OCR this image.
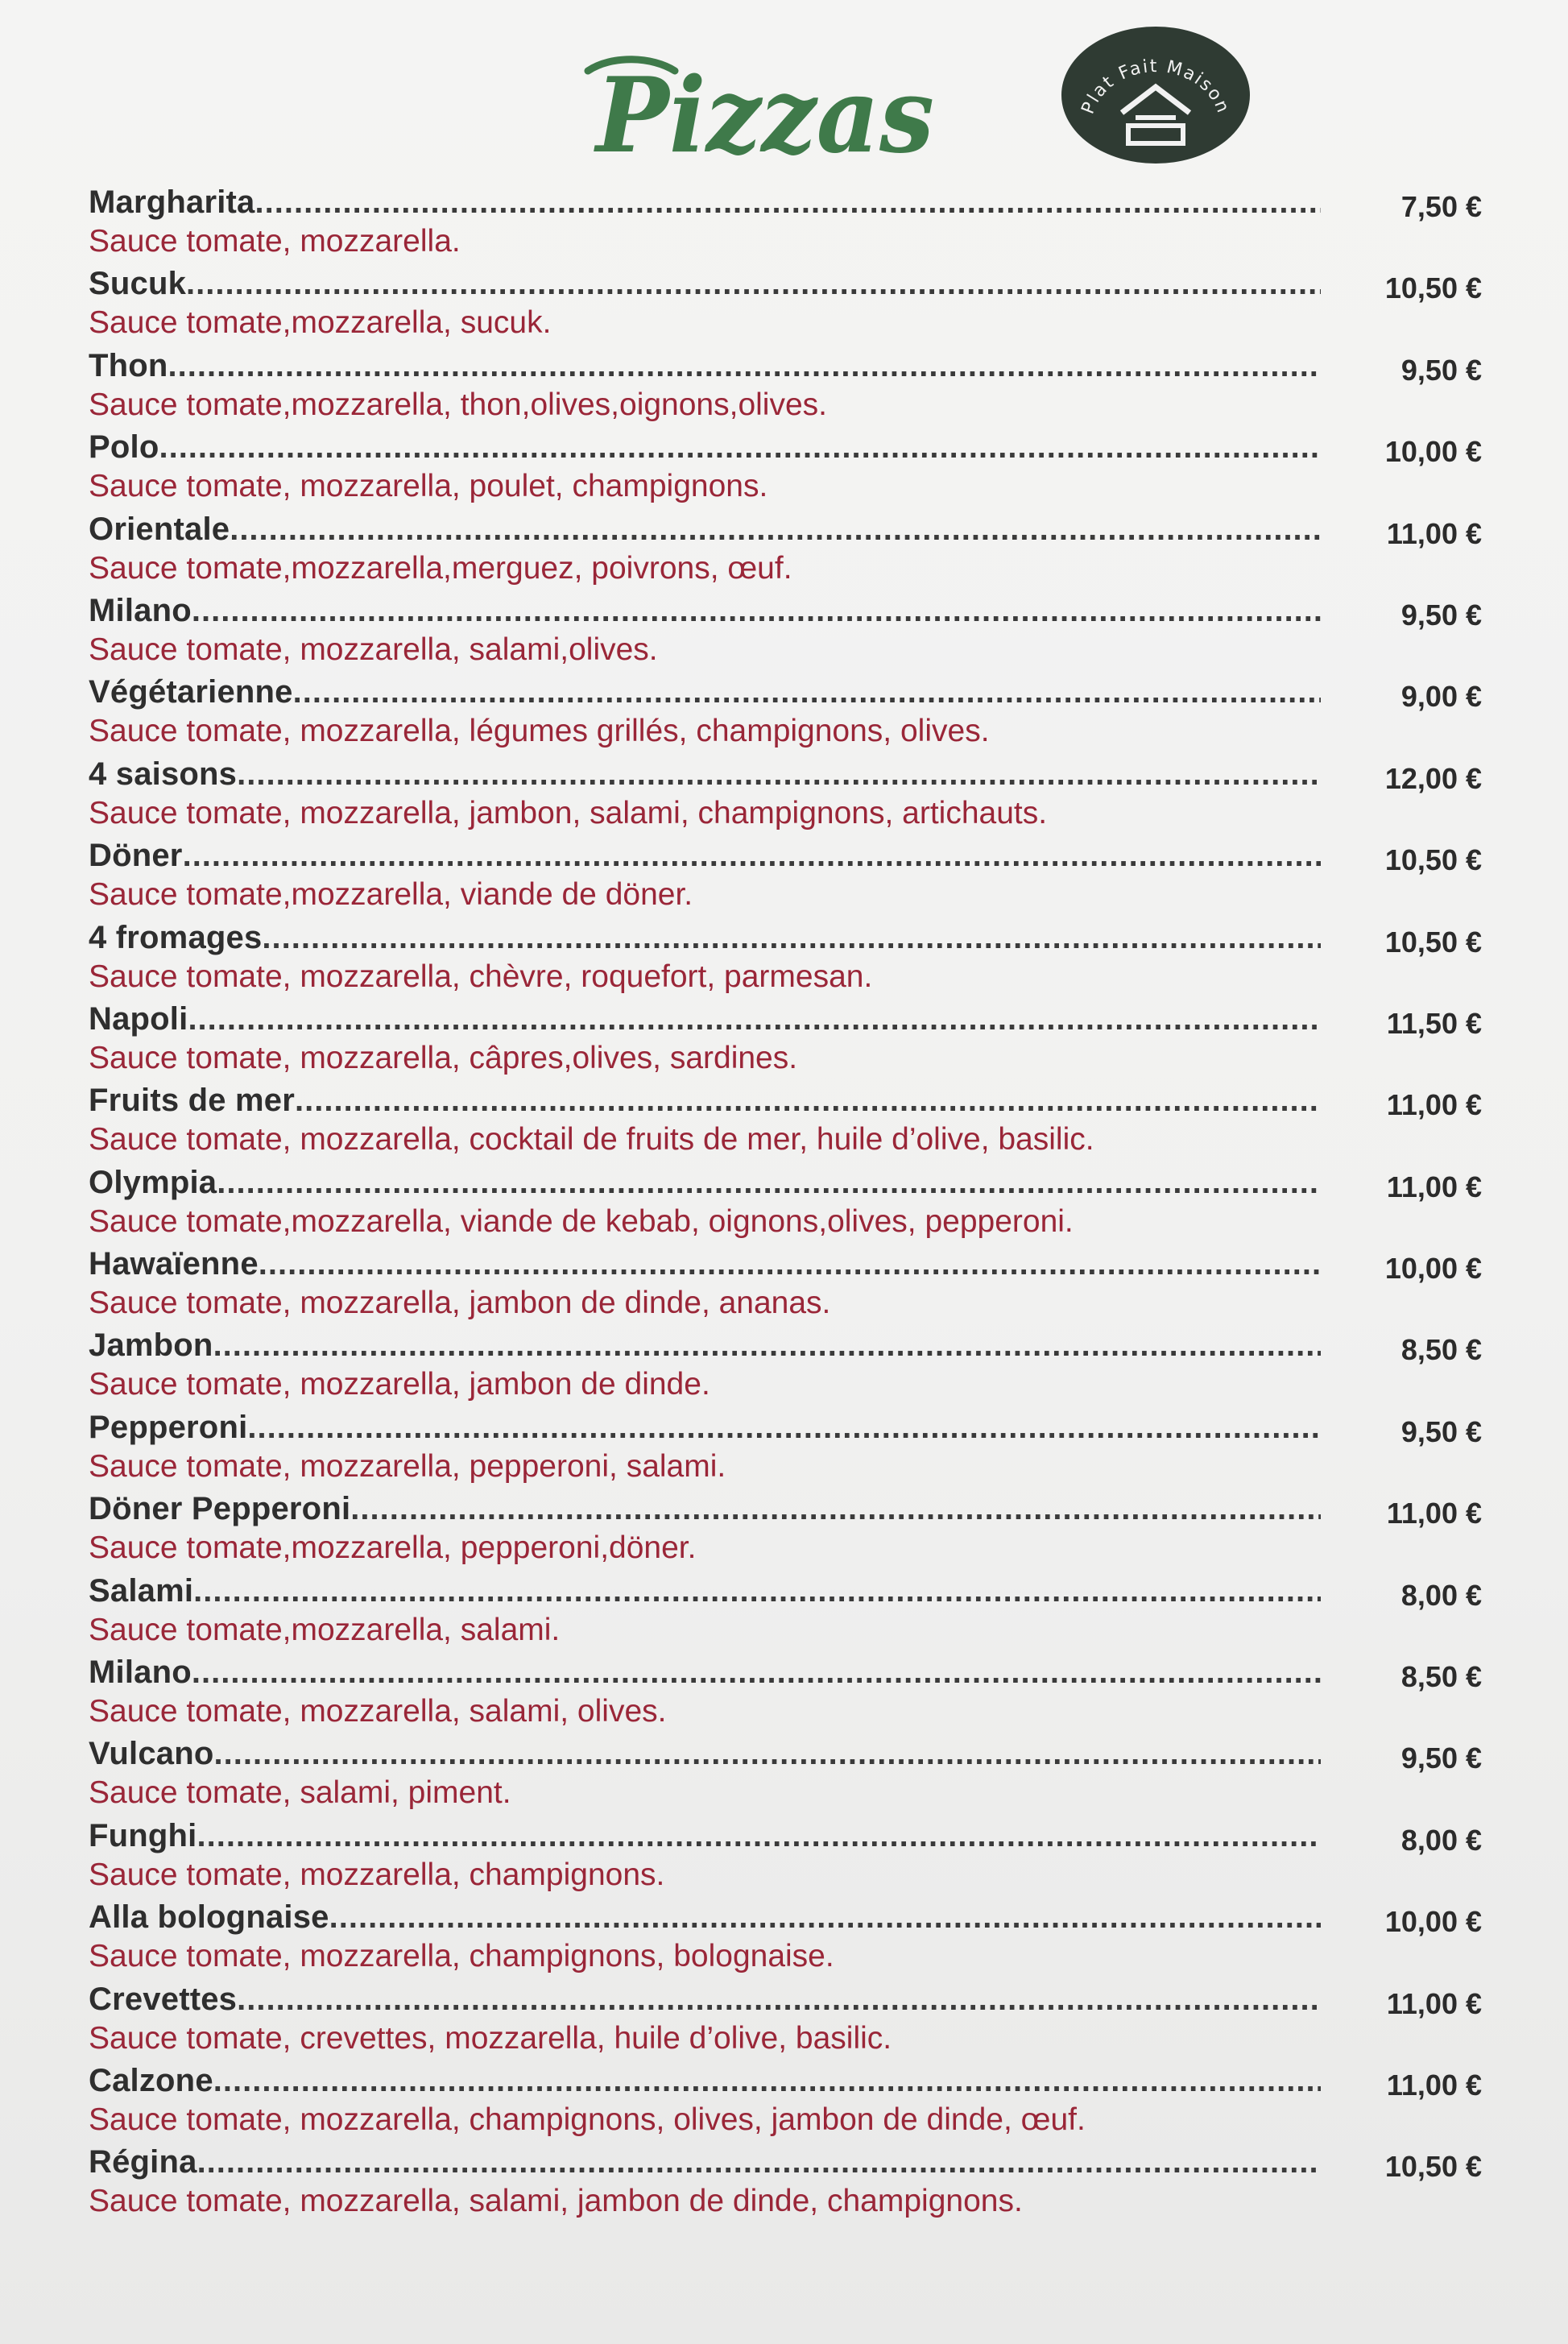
Pizzas	Plat Fait Maison
Margharita .....	7,50 €
Sauce tomate, mozzarella.
Sucuk .....	10,50 €
Sauce tomate,mozzarella, sucuk.
Thon .....	9,50 €
Sauce tomate,mozzarella, thon,olives,oignons,olives.
Polo .....	10,00 €
Sauce tomate, mozzarella, poulet, champignons.
Orientale .....	11,00 €
Sauce tomate,mozzarella,merguez, poivrons, œuf.
Milano .....	9,50 €
Sauce tomate, mozzarella, salami,olives.
Végétarienne .....	9,00 €
Sauce tomate, mozzarella, légumes grillés, champignons, olives.
4 saisons .....	12,00 €
Sauce tomate, mozzarella, jambon, salami, champignons, artichauts.
Döner .....	10,50 €
Sauce tomate,mozzarella, viande de döner.
4 fromages .....	10,50 €
Sauce tomate, mozzarella, chèvre, roquefort, parmesan.
Napoli .....	11,50 €
Sauce tomate, mozzarella, câpres,olives, sardines.
Fruits de mer .....	11,00 €
Sauce tomate, mozzarella, cocktail de fruits de mer, huile d’olive, basilic.
Olympia .....	11,00 €
Sauce tomate,mozzarella, viande de kebab, oignons,olives, pepperoni.
Hawaïenne .....	10,00 €
Sauce tomate, mozzarella, jambon de dinde, ananas.
Jambon .....	8,50 €
Sauce tomate, mozzarella, jambon de dinde.
Pepperoni .....	9,50 €
Sauce tomate, mozzarella, pepperoni, salami.
Döner Pepperoni .....	11,00 €
Sauce tomate,mozzarella, pepperoni,döner.
Salami .....	8,00 €
Sauce tomate,mozzarella, salami.
Milano .....	8,50 €
Sauce tomate, mozzarella, salami, olives.
Vulcano .....	9,50 €
Sauce tomate, salami, piment.
Funghi .....	8,00 €
Sauce tomate, mozzarella, champignons.
Alla bolognaise .....	10,00 €
Sauce tomate, mozzarella, champignons, bolognaise.
Crevettes .....	11,00 €
Sauce tomate, crevettes, mozzarella, huile d’olive, basilic.
Calzone .....	11,00 €
Sauce tomate, mozzarella, champignons, olives, jambon de dinde, œuf.
Régina .....	10,50 €
Sauce tomate, mozzarella, salami, jambon de dinde, champignons.
